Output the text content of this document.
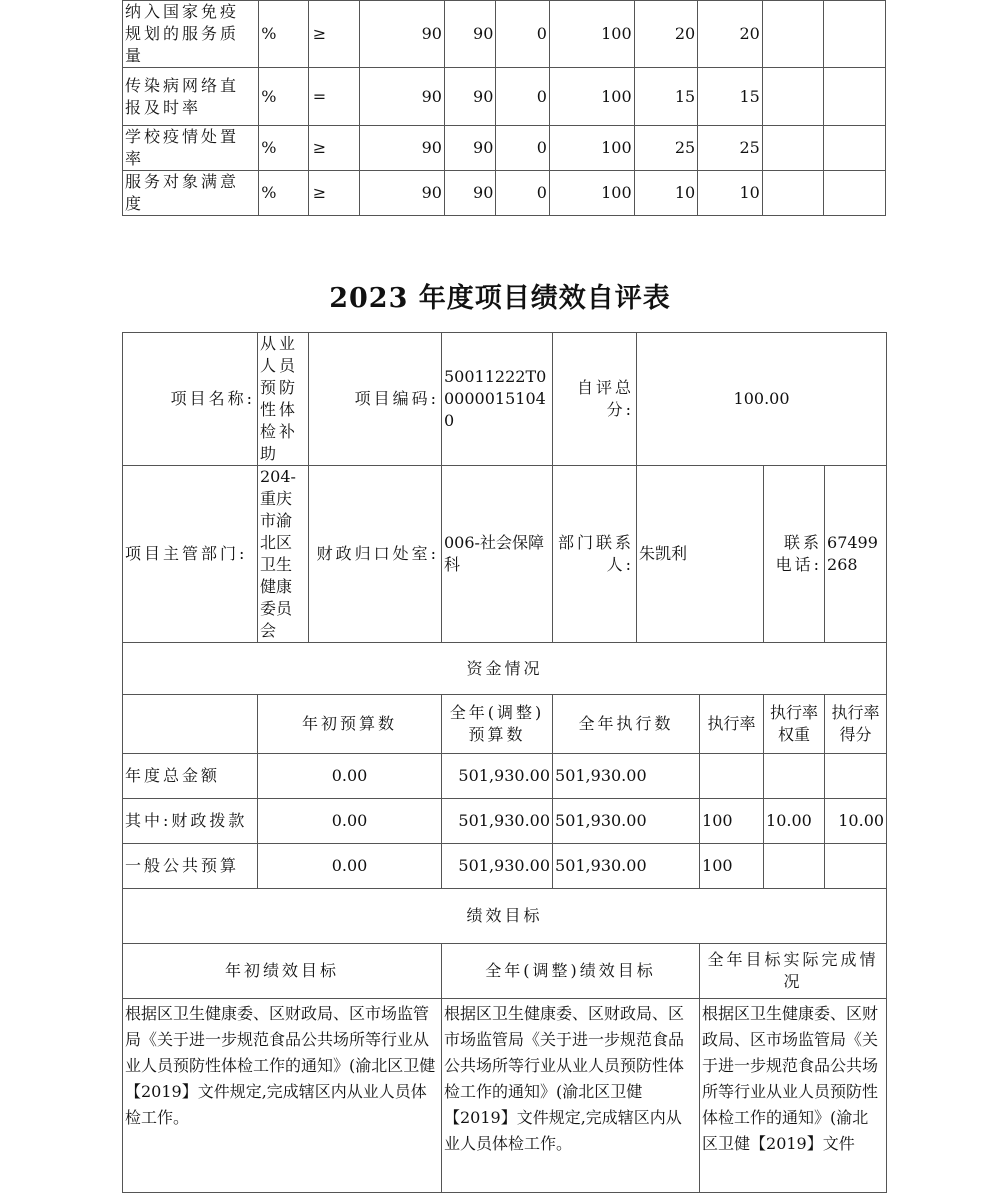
纳入国家免疫规划的服务质量	%	≥	90	90	0	100	20	20		
传染病网络直报及时率	%	=	90	90	0	100	15	15		
学校疫情处置率	%	≥	90	90	0	100	25	25		
服务对象满意度	%	≥	90	90	0	100	10	10		
2023 年度项目绩效自评表
项目名称:	从业人员预防性体检补助	项目编码:	50011222T000000151040	自评总分:	100.00			
项目主管部门:	204-重庆市渝北区卫生健康委员会	财政归口处室:	006-社会保障科	部门联系人:	朱凯利		联系电话:	67499268
资金情况								
	年初预算数		全年(调整)预算数	全年执行数		执行率	执行率权重	执行率得分
年度总金额	0.00		501,930.00	501,930.00				
其中:财政拨款	0.00		501,930.00	501,930.00		100	10.00	10.00
一般公共预算	0.00		501,930.00	501,930.00		100		
绩效目标								
年初绩效目标			全年(调整)绩效目标			全年目标实际完成情况		
根据区卫生健康委、区财政局、区市场监管局《关于进一步规范食品公共场所等行业从业人员预防性体检工作的通知》(渝北区卫健【2019】文件规定,完成辖区内从业人员体检工作。			根据区卫生健康委、区财政局、区市场监管局《关于进一步规范食品公共场所等行业从业人员预防性体检工作的通知》(渝北区卫健【2019】文件规定,完成辖区内从业人员体检工作。			根据区卫生健康委、区财政局、区市场监管局《关于进一步规范食品公共场所等行业从业人员预防性体检工作的通知》(渝北区卫健【2019】文件		
